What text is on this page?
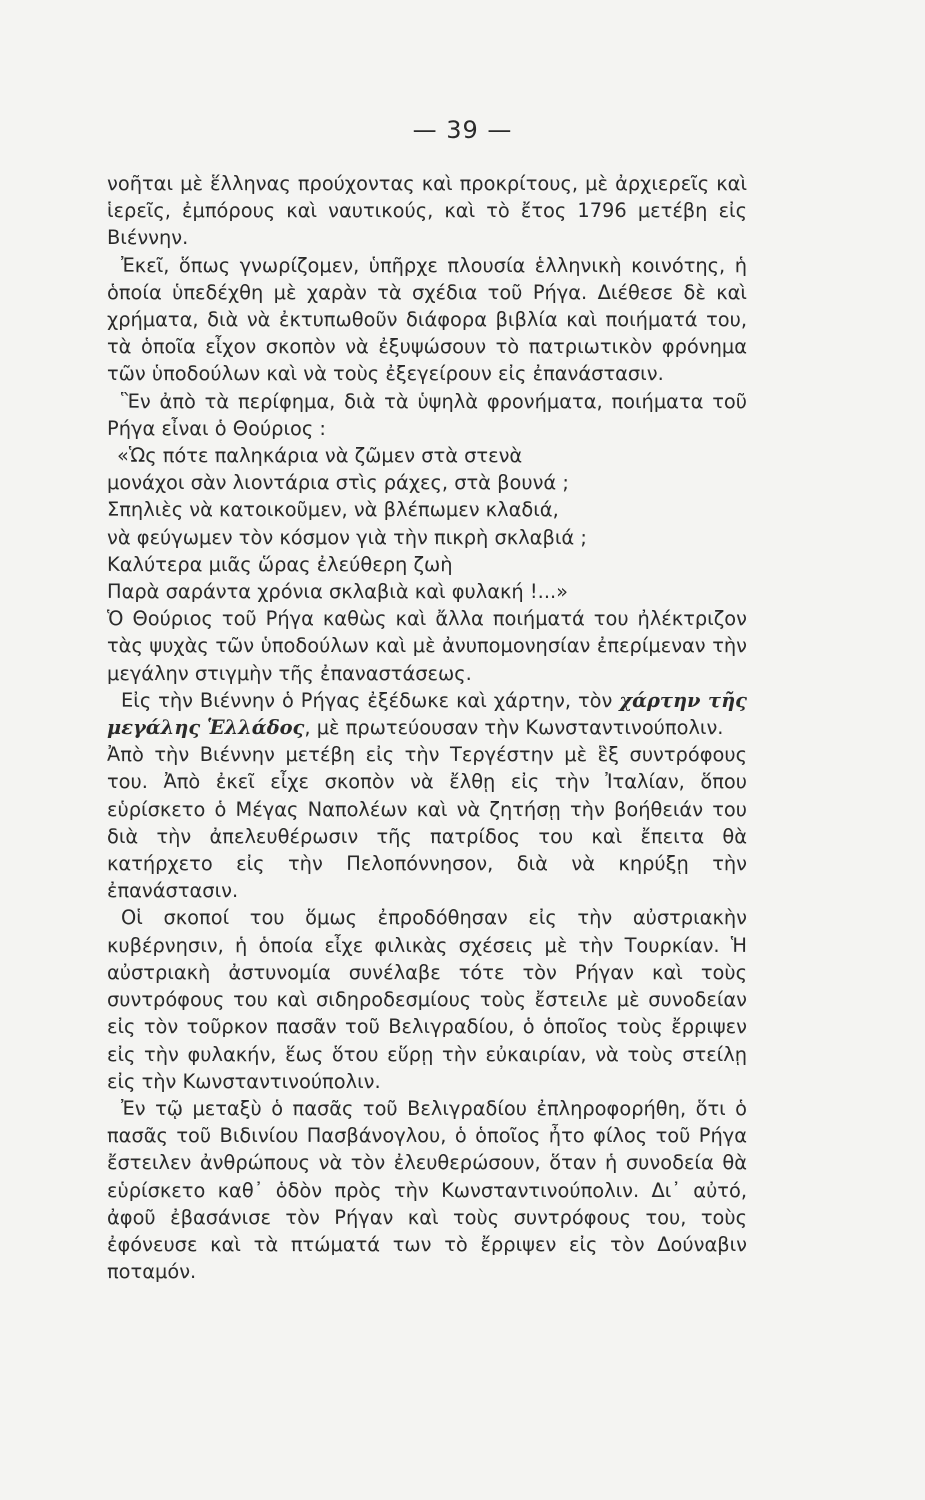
— 39 —

νοῆται μὲ ἕλληνας προύχοντας καὶ προκρίτους, μὲ ἀρχιερεῖς καὶ ἱερεῖς, ἐμπόρους καὶ ναυτικούς, καὶ τὸ ἔτος 1796 μετέβη εἰς Βιέννην.

Ἐκεῖ, ὅπως γνωρίζομεν, ὑπῆρχε πλουσία ἑλληνικὴ κοινότης, ἡ ὁποία ὑπεδέχθη μὲ χαρὰν τὰ σχέδια τοῦ Ρήγα. Διέθεσε δὲ καὶ χρήματα, διὰ νὰ ἐκτυπωθοῦν διάφορα βιβλία καὶ ποιήματά του, τὰ ὁποῖα εἶχον σκοπὸν νὰ ἐξυψώσουν τὸ πατριωτικὸν φρόνημα τῶν ὑποδούλων καὶ νὰ τοὺς ἐξεγείρουν εἰς ἐπανάστασιν.

Ἓν ἀπὸ τὰ περίφημα, διὰ τὰ ὑψηλὰ φρονήματα, ποιήματα τοῦ Ρήγα εἶναι ὁ Θούριος :

«Ὡς πότε παληκάρια νὰ ζῶμεν στὰ στενὰ
μονάχοι σὰν λιοντάρια στὶς ράχες, στὰ βουνά ;
Σπηλιὲς νὰ κατοικοῦμεν, νὰ βλέπωμεν κλαδιά,
νὰ φεύγωμεν τὸν κόσμον γιὰ τὴν πικρὴ σκλαβιά ;
Καλύτερα μιᾶς ὥρας ἐλεύθερη ζωὴ
Παρὰ σαράντα χρόνια σκλαβιὰ καὶ φυλακή !...»

Ὁ Θούριος τοῦ Ρήγα καθὼς καὶ ἄλλα ποιήματά του ἠλέκτριζον τὰς ψυχὰς τῶν ὑποδούλων καὶ μὲ ἀνυπομονησίαν ἐπερίμεναν τὴν μεγάλην στιγμὴν τῆς ἐπαναστάσεως.

Εἰς τὴν Βιέννην ὁ Ρήγας ἐξέδωκε καὶ χάρτην, τὸν χάρτην τῆς μεγάλης Ἑλλάδος, μὲ πρωτεύουσαν τὴν Κωνσταντινούπολιν.

Ἀπὸ τὴν Βιέννην μετέβη εἰς τὴν Τεργέστην μὲ ἓξ συντρόφους του. Ἀπὸ ἐκεῖ εἶχε σκοπὸν νὰ ἔλθῃ εἰς τὴν Ἰταλίαν, ὅπου εὑρίσκετο ὁ Μέγας Ναπολέων καὶ νὰ ζητήσῃ τὴν βοήθειάν του διὰ τὴν ἀπελευθέρωσιν τῆς πατρίδος του καὶ ἔπειτα θὰ κατήρχετο εἰς τὴν Πελοπόννησον, διὰ νὰ κηρύξῃ τὴν ἐπανάστασιν.

Οἱ σκοποί του ὅμως ἐπροδόθησαν εἰς τὴν αὐστριακὴν κυβέρνησιν, ἡ ὁποία εἶχε φιλικὰς σχέσεις μὲ τὴν Τουρκίαν. Ἡ αὐστριακὴ ἀστυνομία συνέλαβε τότε τὸν Ρήγαν καὶ τοὺς συντρόφους του καὶ σιδηροδεσμίους τοὺς ἔστειλε μὲ συνοδείαν εἰς τὸν τοῦρκον πασᾶν τοῦ Βελιγραδίου, ὁ ὁποῖος τοὺς ἔρριψεν εἰς τὴν φυλακήν, ἕως ὅτου εὕρῃ τὴν εὐκαιρίαν, νὰ τοὺς στείλῃ εἰς τὴν Κωνσταντινούπολιν.

Ἐν τῷ μεταξὺ ὁ πασᾶς τοῦ Βελιγραδίου ἐπληροφορήθη, ὅτι ὁ πασᾶς τοῦ Βιδινίου Πασβάνογλου, ὁ ὁποῖος ἦτο φίλος τοῦ Ρήγα ἔστειλεν ἀνθρώπους νὰ τὸν ἐλευθερώσουν, ὅταν ἡ συνοδεία θὰ εὑρίσκετο καθ᾿ ὁδὸν πρὸς τὴν Κωνσταντινούπολιν. Δι᾿ αὐτό, ἀφοῦ ἐβασάνισε τὸν Ρήγαν καὶ τοὺς συντρόφους του, τοὺς ἐφόνευσε καὶ τὰ πτώματά των τὸ ἔρριψεν εἰς τὸν Δούναβιν ποταμόν.
